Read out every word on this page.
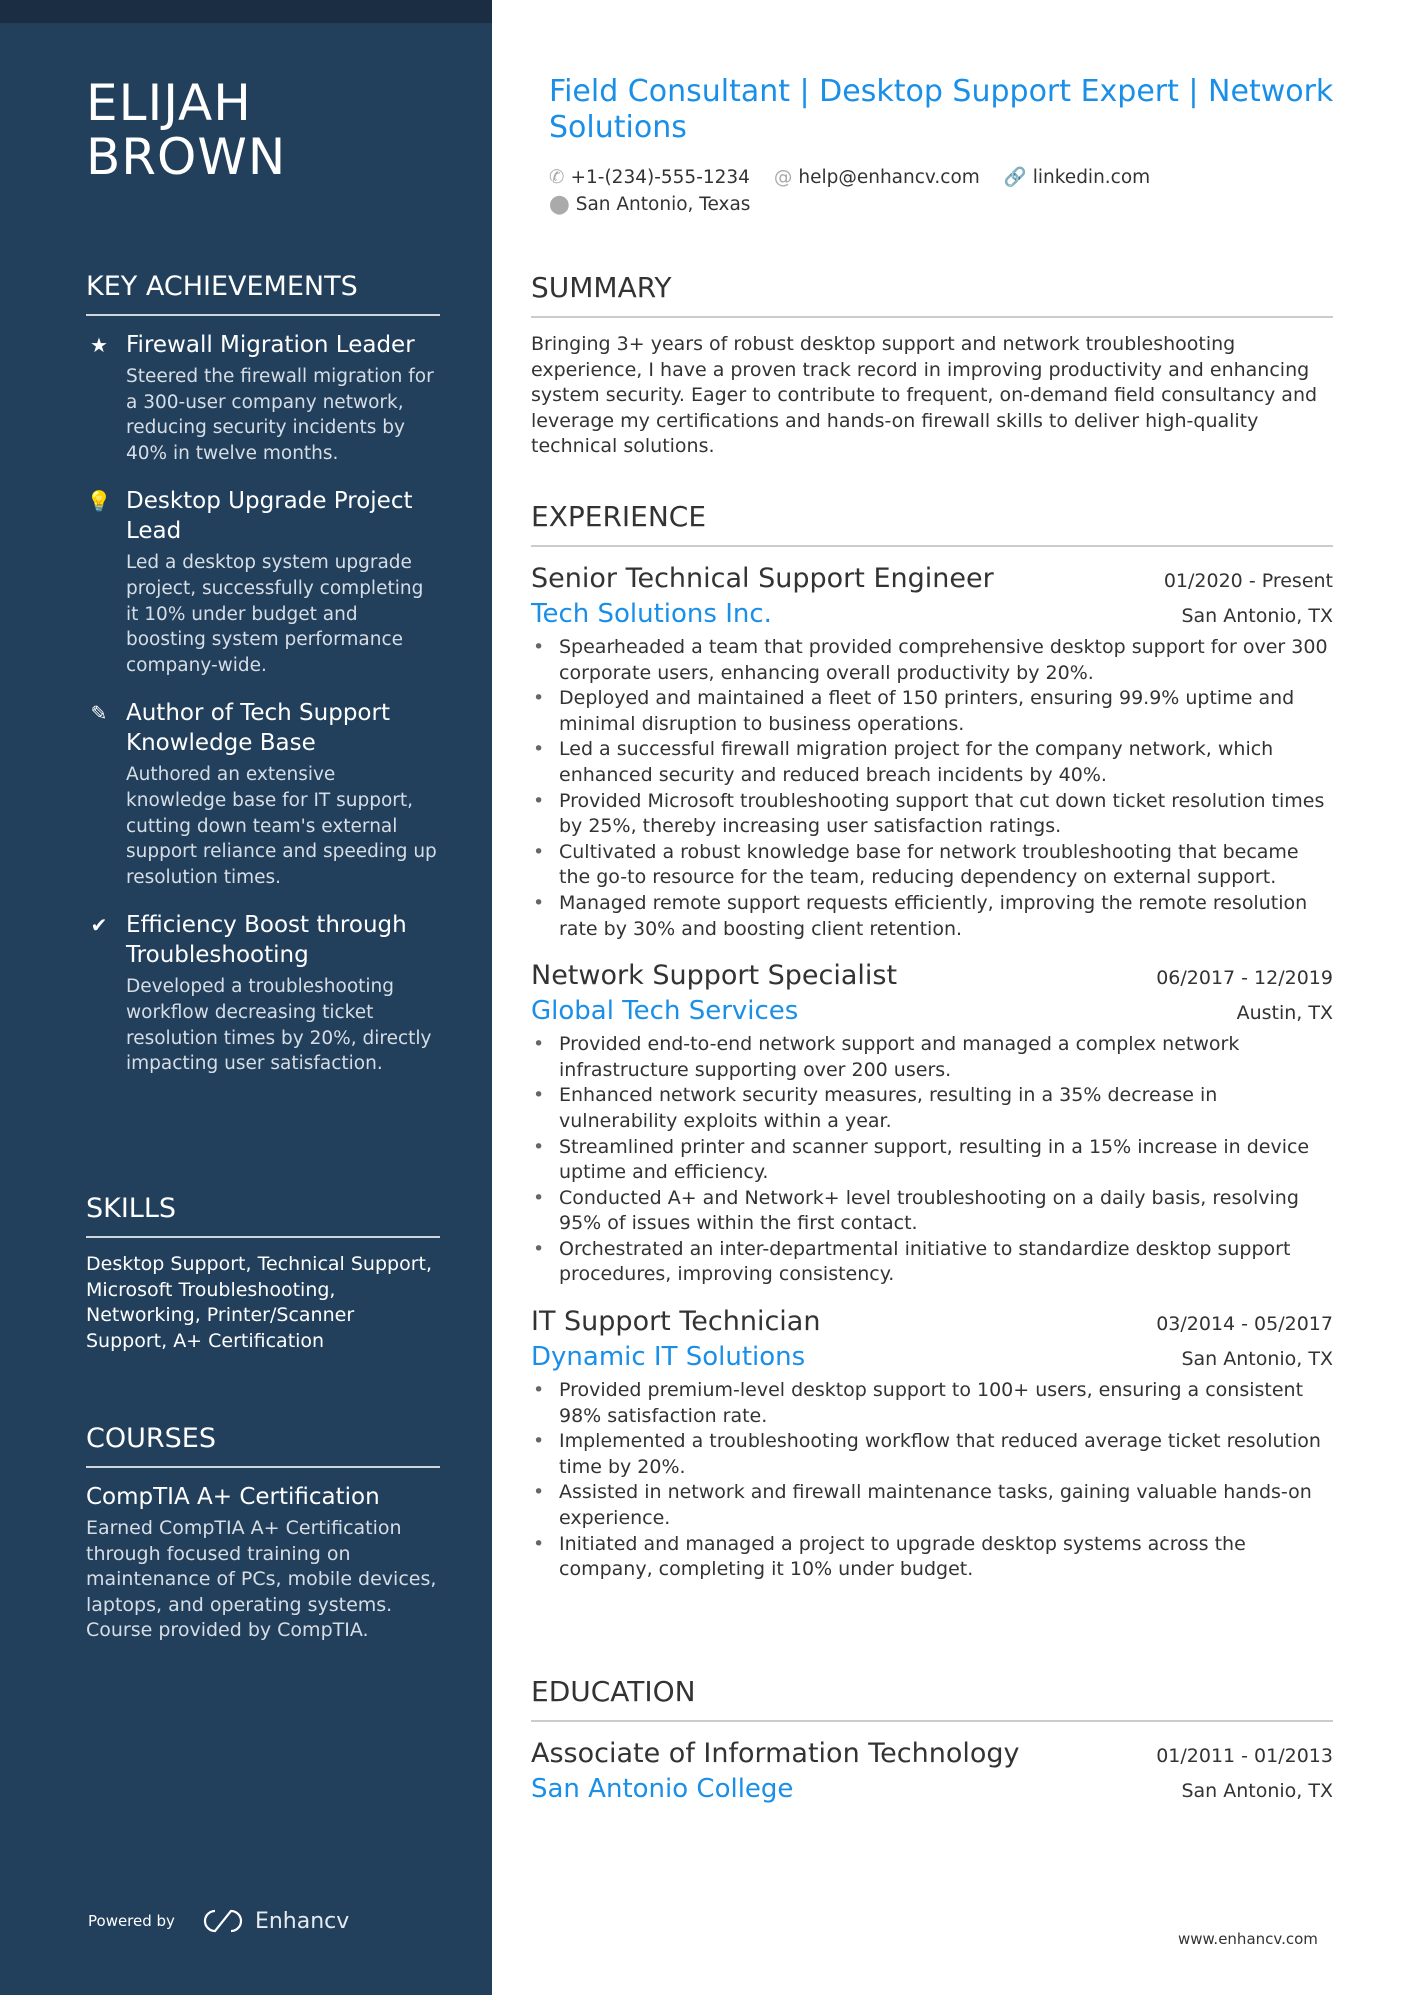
ELIJAH
BROWN
KEY ACHIEVEMENTS
★ Firewall Migration Leader
Steered the firewall migration for a 300-user company network, reducing security incidents by 40% in twelve months.
💡 Desktop Upgrade Project Lead
Led a desktop system upgrade project, successfully completing it 10% under budget and boosting system performance company-wide.
✎ Author of Tech Support Knowledge Base
Authored an extensive knowledge base for IT support, cutting down team's external support reliance and speeding up resolution times.
✔ Efficiency Boost through Troubleshooting
Developed a troubleshooting workflow decreasing ticket resolution times by 20%, directly impacting user satisfaction.
SKILLS
Desktop Support, Technical Support, Microsoft Troubleshooting, Networking, Printer/Scanner Support, A+ Certification
COURSES
CompTIA A+ Certification
Earned CompTIA A+ Certification through focused training on maintenance of PCs, mobile devices, laptops, and operating systems. Course provided by CompTIA.
Powered by	Enhancv
Field Consultant | Desktop Support Expert | Network Solutions
✆ +1-(234)-555-1234 @ help@enhancv.com 🔗 linkedin.com
⬤ San Antonio, Texas
SUMMARY
Bringing 3+ years of robust desktop support and network troubleshooting experience, I have a proven track record in improving productivity and enhancing system security. Eager to contribute to frequent, on-demand field consultancy and leverage my certifications and hands-on firewall skills to deliver high-quality technical solutions.
EXPERIENCE
Senior Technical Support Engineer	01/2020 - Present
Tech Solutions Inc.	San Antonio, TX
• Spearheaded a team that provided comprehensive desktop support for over 300 corporate users, enhancing overall productivity by 20%.
• Deployed and maintained a fleet of 150 printers, ensuring 99.9% uptime and minimal disruption to business operations.
• Led a successful firewall migration project for the company network, which enhanced security and reduced breach incidents by 40%.
• Provided Microsoft troubleshooting support that cut down ticket resolution times by 25%, thereby increasing user satisfaction ratings.
• Cultivated a robust knowledge base for network troubleshooting that became the go-to resource for the team, reducing dependency on external support.
• Managed remote support requests efficiently, improving the remote resolution rate by 30% and boosting client retention.
Network Support Specialist	06/2017 - 12/2019
Global Tech Services	Austin, TX
• Provided end-to-end network support and managed a complex network infrastructure supporting over 200 users.
• Enhanced network security measures, resulting in a 35% decrease in vulnerability exploits within a year.
• Streamlined printer and scanner support, resulting in a 15% increase in device uptime and efficiency.
• Conducted A+ and Network+ level troubleshooting on a daily basis, resolving 95% of issues within the first contact.
• Orchestrated an inter-departmental initiative to standardize desktop support procedures, improving consistency.
IT Support Technician	03/2014 - 05/2017
Dynamic IT Solutions	San Antonio, TX
• Provided premium-level desktop support to 100+ users, ensuring a consistent 98% satisfaction rate.
• Implemented a troubleshooting workflow that reduced average ticket resolution time by 20%.
• Assisted in network and firewall maintenance tasks, gaining valuable hands-on experience.
• Initiated and managed a project to upgrade desktop systems across the company, completing it 10% under budget.
EDUCATION
Associate of Information Technology	01/2011 - 01/2013
San Antonio College	San Antonio, TX
www.enhancv.com
